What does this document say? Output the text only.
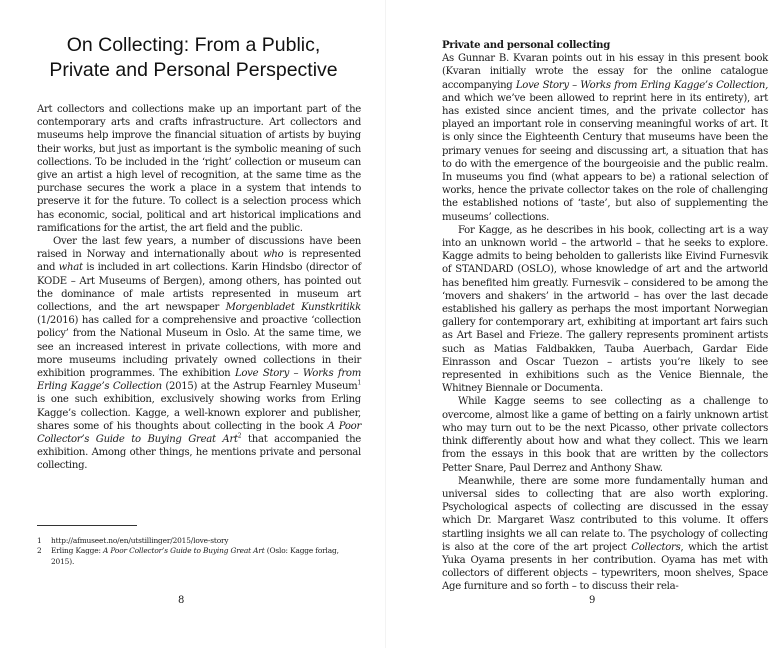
On Collecting: From a Public, Private and Personal Perspective

Art collectors and collections make up an important part of the contemporary arts and crafts infrastructure. Art collectors and museums help improve the financial situation of artists by buying their works, but just as important is the symbolic meaning of such collections. To be included in the ‘right’ collection or museum can give an artist a high level of recognition, at the same time as the purchase secures the work a place in a system that intends to preserve it for the future. To collect is a selection process which has economic, social, political and art historical implications and ramifications for the artist, the art field and the public.

Over the last few years, a number of discussions have been raised in Norway and internationally about who is represented and what is included in art collections. Karin Hindsbo (director of KODE – Art Museums of Bergen), among others, has pointed out the dominance of male artists represented in museum art collections, and the art newspaper Morgenbladet Kunstkritikk (1/2016) has called for a comprehensive and proactive ‘collection policy’ from the National Museum in Oslo. At the same time, we see an increased interest in private collections, with more and more museums including privately owned collections in their exhibition programmes. The exhibition Love Story – Works from Erling Kagge’s Collection (2015) at the Astrup Fearnley Museum$^1$ is one such exhibition, exclusively showing works from Erling Kagge’s collection. Kagge, a well-known explorer and publisher, shares some of his thoughts about collecting in the book A Poor Collector’s Guide to Buying Great Art$^2$ that accompanied the exhibition. Among other things, he mentions private and personal collecting.

1 http://afmuseet.no/en/utstillinger/2015/love-story
2 Erling Kagge: A Poor Collector’s Guide to Buying Great Art (Oslo: Kagge forlag, 2015).
8

Private and personal collecting

As Gunnar B. Kvaran points out in his essay in this present book (Kvaran initially wrote the essay for the online catalogue accompanying Love Story – Works from Erling Kagge’s Collection, and which we’ve been allowed to reprint here in its entirety), art has existed since ancient times, and the private collector has played an important role in conserving meaningful works of art. It is only since the Eighteenth Century that museums have been the primary venues for seeing and discussing art, a situation that has to do with the emergence of the bourgeoisie and the public realm. In museums you find (what appears to be) a rational selection of works, hence the private collector takes on the role of challenging the established notions of ‘taste’, but also of supplementing the museums’ collections.

For Kagge, as he describes in his book, collecting art is a way into an unknown world – the artworld – that he seeks to explore. Kagge admits to being beholden to gallerists like Eivind Furnesvik of STANDARD (OSLO), whose knowledge of art and the artworld has benefited him greatly. Furnesvik – considered to be among the ‘movers and shakers’ in the artworld – has over the last decade established his gallery as perhaps the most important Norwegian gallery for contemporary art, exhibiting at important art fairs such as Art Basel and Frieze. The gallery represents prominent artists such as Matias Faldbakken, Tauba Auerbach, Gardar Eide Einrasson and Oscar Tuezon – artists you’re likely to see represented in exhibitions such as the Venice Biennale, the Whitney Biennale or Documenta.

While Kagge seems to see collecting as a challenge to overcome, almost like a game of betting on a fairly unknown artist who may turn out to be the next Picasso, other private collectors think differently about how and what they collect. This we learn from the essays in this book that are written by the collectors Petter Snare, Paul Derrez and Anthony Shaw.

Meanwhile, there are some more fundamentally human and universal sides to collecting that are also worth exploring. Psychological aspects of collecting are discussed in the essay which Dr. Margaret Wasz contributed to this volume. It offers startling insights we all can relate to. The psychology of collecting is also at the core of the art project Collectors, which the artist Yuka Oyama presents in her contribution. Oyama has met with collectors of different objects – typewriters, moon shelves, Space Age furniture and so forth – to discuss their rela-

9
